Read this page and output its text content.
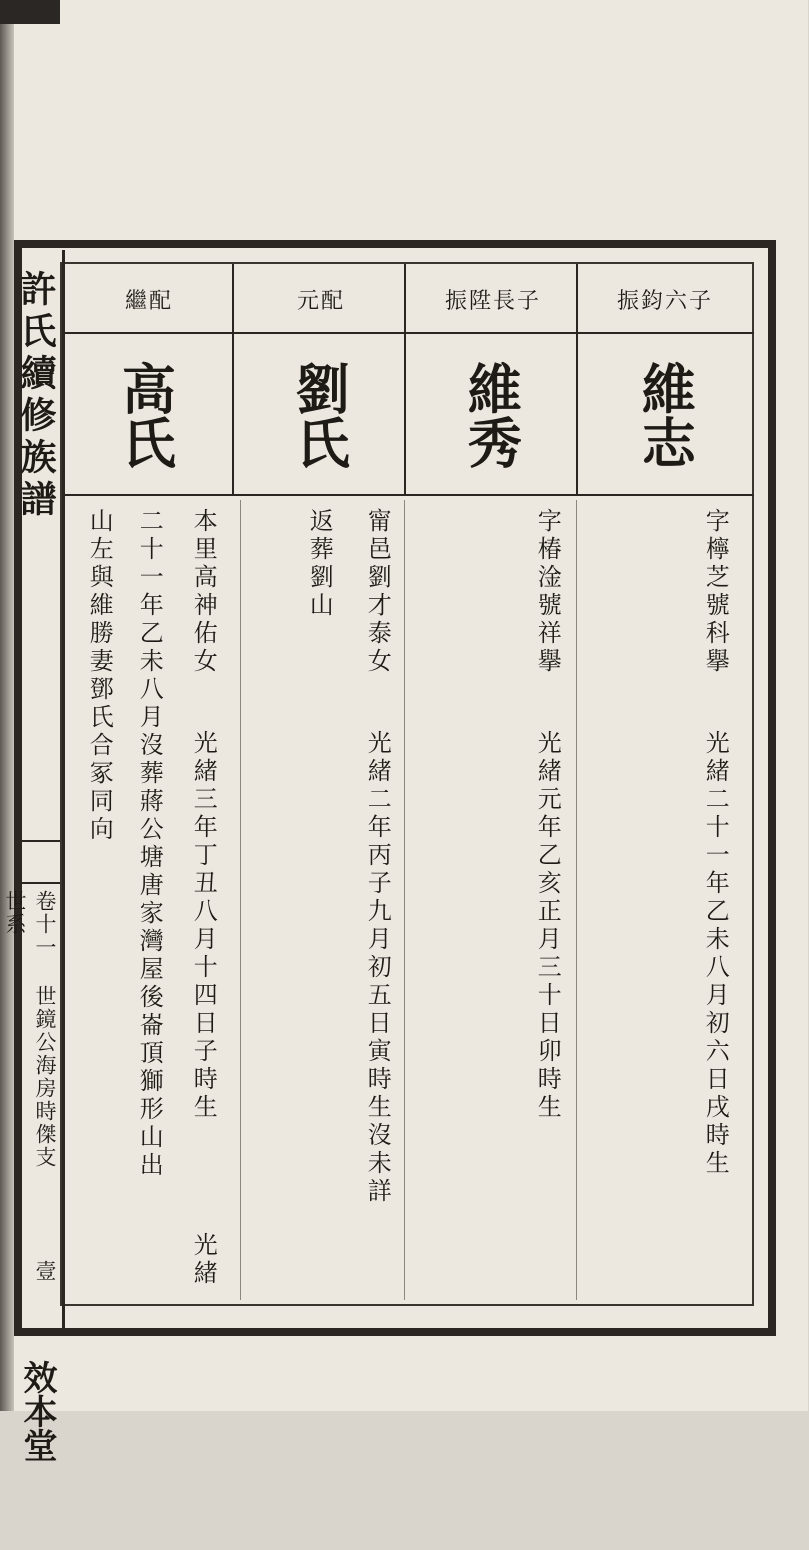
許氏續修族譜
卷十一 世鏡公海房時傑支世系
壹
效本堂
振鈞六子
振陞長子
元配
繼配
維志
維秀
劉氏
高氏
字檸芝號科擧
光緒二十一年乙未八月初六日戌時生
字椿淦號祥擧
光緒元年乙亥正月三十日卯時生
甯邑劉才泰女
光緒二年丙子九月初五日寅時生沒未詳
返葬劉山
本里高神佑女
光緒三年丁丑八月十四日子時生
光緒
二十一年乙未八月沒葬蔣公塘唐家灣屋後崙頂獅形山出
山左與維勝妻鄧氏合冢同向
